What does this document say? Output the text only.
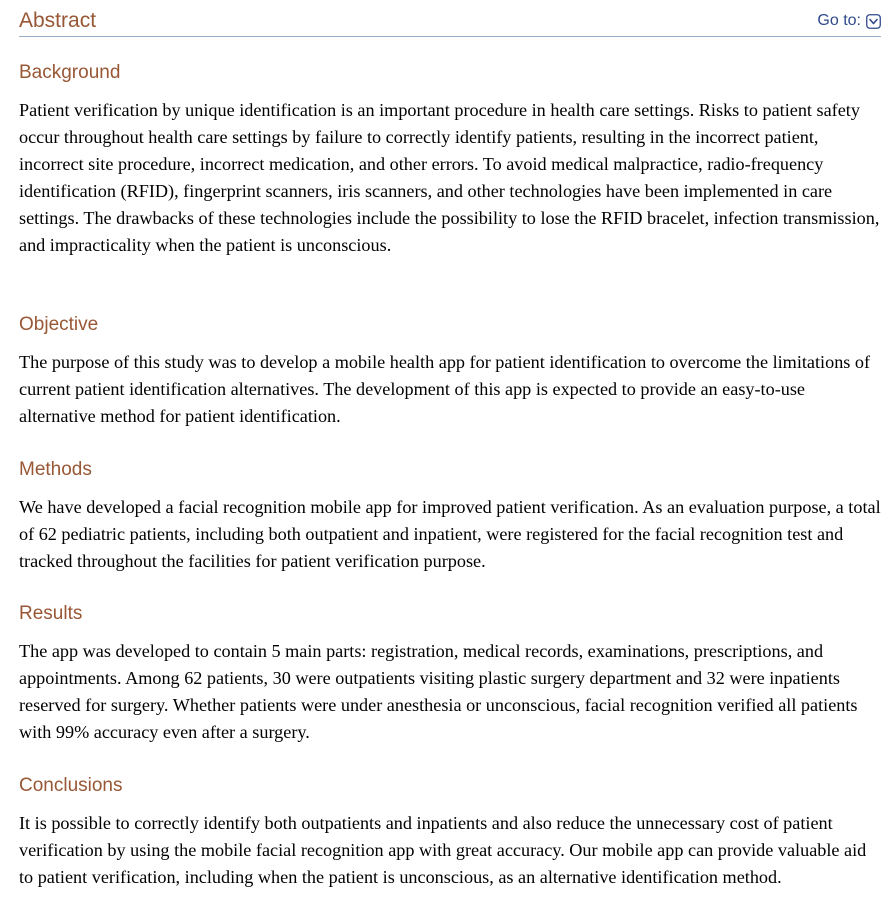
Abstract	Go to:
Background

Patient verification by unique identification is an important procedure in health care settings. Risks to patient safety occur throughout health care settings by failure to correctly identify patients, resulting in the incorrect patient, incorrect site procedure, incorrect medication, and other errors. To avoid medical malpractice, radio-frequency identification (RFID), fingerprint scanners, iris scanners, and other technologies have been implemented in care settings. The drawbacks of these technologies include the possibility to lose the RFID bracelet, infection transmission, and impracticality when the patient is unconscious.

Objective

The purpose of this study was to develop a mobile health app for patient identification to overcome the limitations of current patient identification alternatives. The development of this app is expected to provide an easy-to-use alternative method for patient identification.

Methods

We have developed a facial recognition mobile app for improved patient verification. As an evaluation purpose, a total of 62 pediatric patients, including both outpatient and inpatient, were registered for the facial recognition test and tracked throughout the facilities for patient verification purpose.

Results

The app was developed to contain 5 main parts: registration, medical records, examinations, prescriptions, and appointments. Among 62 patients, 30 were outpatients visiting plastic surgery department and 32 were inpatients reserved for surgery. Whether patients were under anesthesia or unconscious, facial recognition verified all patients with 99% accuracy even after a surgery.

Conclusions

It is possible to correctly identify both outpatients and inpatients and also reduce the unnecessary cost of patient verification by using the mobile facial recognition app with great accuracy. Our mobile app can provide valuable aid to patient verification, including when the patient is unconscious, as an alternative identification method.
